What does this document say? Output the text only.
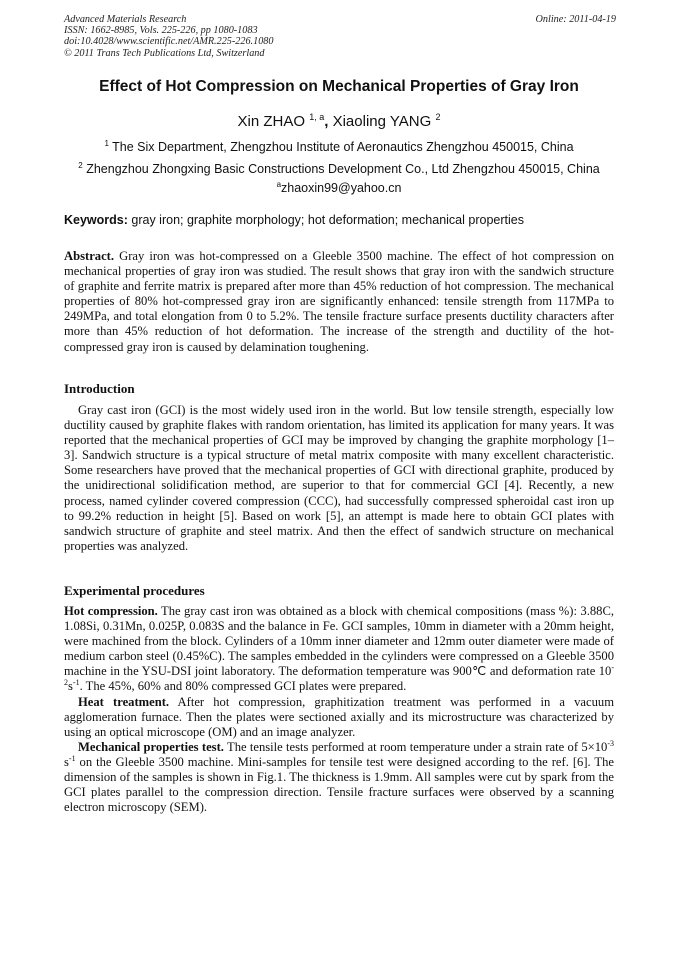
Advanced Materials Research
ISSN: 1662-8985, Vols. 225-226, pp 1080-1083
doi:10.4028/www.scientific.net/AMR.225-226.1080
© 2011 Trans Tech Publications Ltd, Switzerland
Online: 2011-04-19
Effect of Hot Compression on Mechanical Properties of Gray Iron
Xin ZHAO $^{1, a}$, Xiaoling YANG $^2$
$^1$ The Six Department, Zhengzhou Institute of Aeronautics Zhengzhou 450015, China
$^2$ Zhengzhou Zhongxing Basic Constructions Development Co., Ltd Zhengzhou 450015, China
$^a$zhaoxin99@yahoo.cn
Keywords: gray iron; graphite morphology; hot deformation; mechanical properties
Abstract. Gray iron was hot-compressed on a Gleeble 3500 machine. The effect of hot compression on mechanical properties of gray iron was studied. The result shows that gray iron with the sandwich structure of graphite and ferrite matrix is prepared after more than 45% reduction of hot compression. The mechanical properties of 80% hot-compressed gray iron are significantly enhanced: tensile strength from 117MPa to 249MPa, and total elongation from 0 to 5.2%. The tensile fracture surface presents ductility characters after more than 45% reduction of hot deformation. The increase of the strength and ductility of the hot-compressed gray iron is caused by delamination toughening.
Introduction
Gray cast iron (GCI) is the most widely used iron in the world. But low tensile strength, especially low ductility caused by graphite flakes with random orientation, has limited its application for many years. It was reported that the mechanical properties of GCI may be improved by changing the graphite morphology [1–3]. Sandwich structure is a typical structure of metal matrix composite with many excellent characteristic. Some researchers have proved that the mechanical properties of GCI with directional graphite, produced by the unidirectional solidification method, are superior to that for commercial GCI [4]. Recently, a new process, named cylinder covered compression (CCC), had successfully compressed spheroidal cast iron up to 99.2% reduction in height [5]. Based on work [5], an attempt is made here to obtain GCI plates with sandwich structure of graphite and steel matrix. And then the effect of sandwich structure on mechanical properties was analyzed.
Experimental procedures
Hot compression. The gray cast iron was obtained as a block with chemical compositions (mass %): 3.88C, 1.08Si, 0.31Mn, 0.025P, 0.083S and the balance in Fe. GCI samples, 10mm in diameter with a 20mm height, were machined from the block. Cylinders of a 10mm inner diameter and 12mm outer diameter were made of medium carbon steel (0.45%C). The samples embedded in the cylinders were compressed on a Gleeble 3500 machine in the YSU-DSI joint laboratory. The deformation temperature was 900℃ and deformation rate $10^{-2}s^{-1}$. The 45%, 60% and 80% compressed GCI plates were prepared.
Heat treatment. After hot compression, graphitization treatment was performed in a vacuum agglomeration furnace. Then the plates were sectioned axially and its microstructure was characterized by using an optical microscope (OM) and an image analyzer.
Mechanical properties test. The tensile tests performed at room temperature under a strain rate of $5\times 10^{-3}$ $s^{-1}$ on the Gleeble 3500 machine. Mini-samples for tensile test were designed according to the ref. [6]. The dimension of the samples is shown in Fig.1. The thickness is 1.9mm. All samples were cut by spark from the GCI plates parallel to the compression direction. Tensile fracture surfaces were observed by a scanning electron microscopy (SEM).
